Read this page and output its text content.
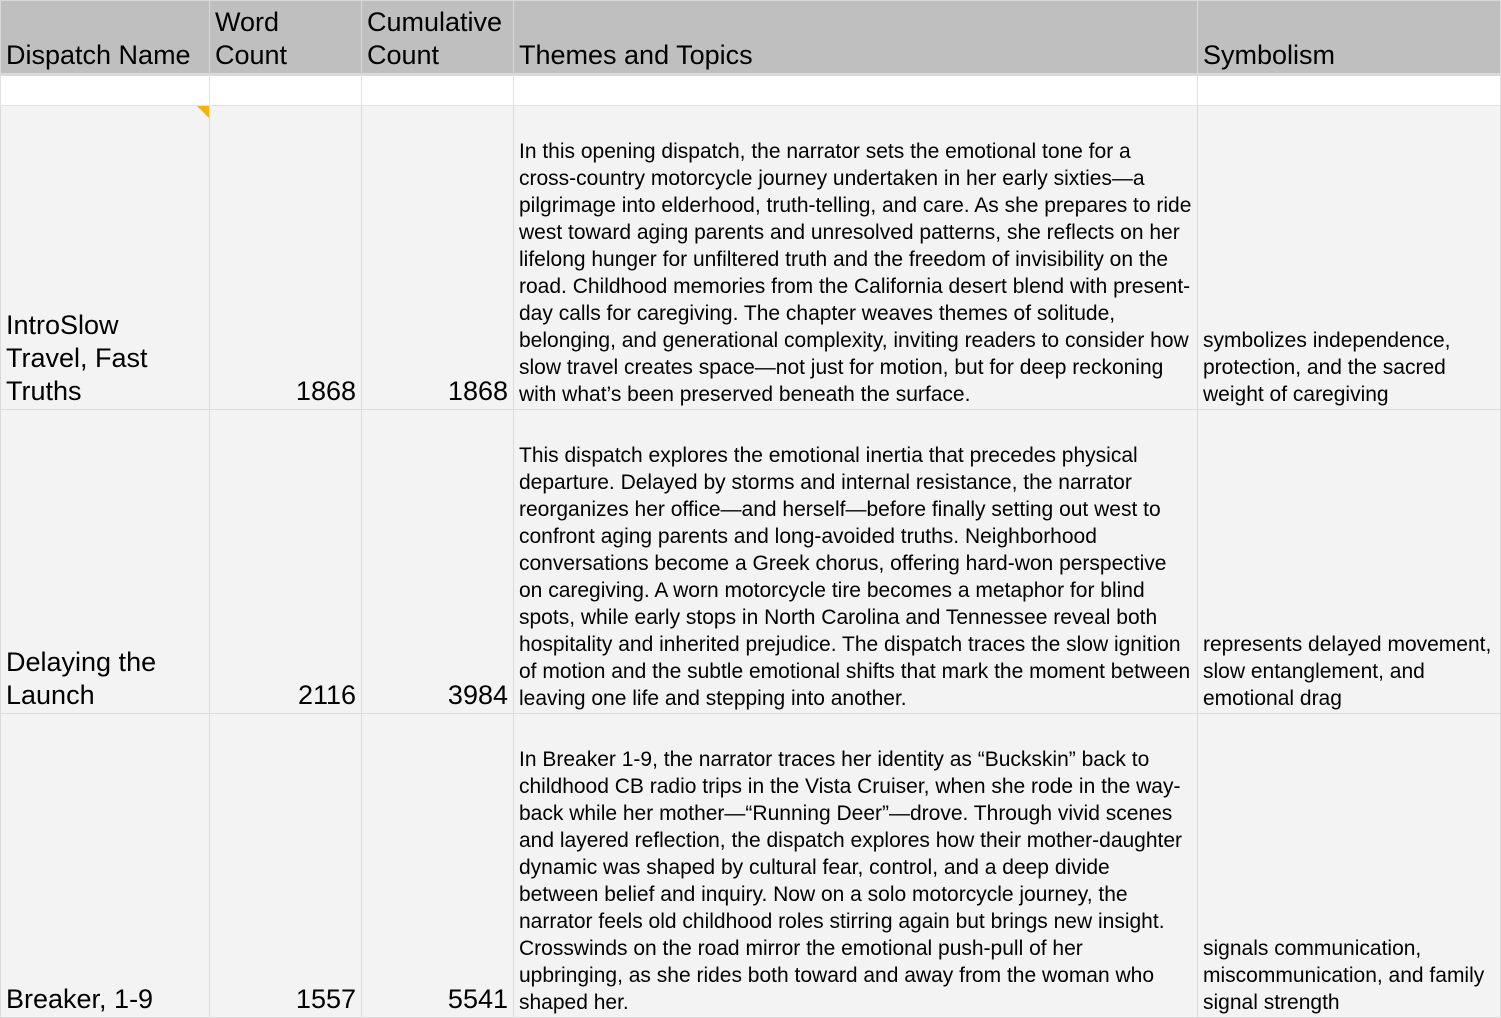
Dispatch Name	Word Count	Cumulative Count	Themes and Topics	Symbolism

IntroSlow Travel, Fast Truths	1868	1868	In this opening dispatch, the narrator sets the emotional tone for a cross-country motorcycle journey undertaken in her early sixties—a pilgrimage into elderhood, truth-telling, and care. As she prepares to ride west toward aging parents and unresolved patterns, she reflects on her lifelong hunger for unfiltered truth and the freedom of invisibility on the road. Childhood memories from the California desert blend with present-day calls for caregiving. The chapter weaves themes of solitude, belonging, and generational complexity, inviting readers to consider how slow travel creates space—not just for motion, but for deep reckoning with what’s been preserved beneath the surface.	symbolizes independence, protection, and the sacred weight of caregiving
Delaying the Launch	2116	3984	This dispatch explores the emotional inertia that precedes physical departure. Delayed by storms and internal resistance, the narrator reorganizes her office—and herself—before finally setting out west to confront aging parents and long-avoided truths. Neighborhood conversations become a Greek chorus, offering hard-won perspective on caregiving. A worn motorcycle tire becomes a metaphor for blind spots, while early stops in North Carolina and Tennessee reveal both hospitality and inherited prejudice. The dispatch traces the slow ignition of motion and the subtle emotional shifts that mark the moment between leaving one life and stepping into another.	represents delayed movement, slow entanglement, and emotional drag
Breaker, 1-9	1557	5541	In Breaker 1-9, the narrator traces her identity as “Buckskin” back to childhood CB radio trips in the Vista Cruiser, when she rode in the way-back while her mother—“Running Deer”—drove. Through vivid scenes and layered reflection, the dispatch explores how their mother-daughter dynamic was shaped by cultural fear, control, and a deep divide between belief and inquiry. Now on a solo motorcycle journey, the narrator feels old childhood roles stirring again but brings new insight. Crosswinds on the road mirror the emotional push-pull of her upbringing, as she rides both toward and away from the woman who shaped her.	signals communication, miscommunication, and family signal strength
